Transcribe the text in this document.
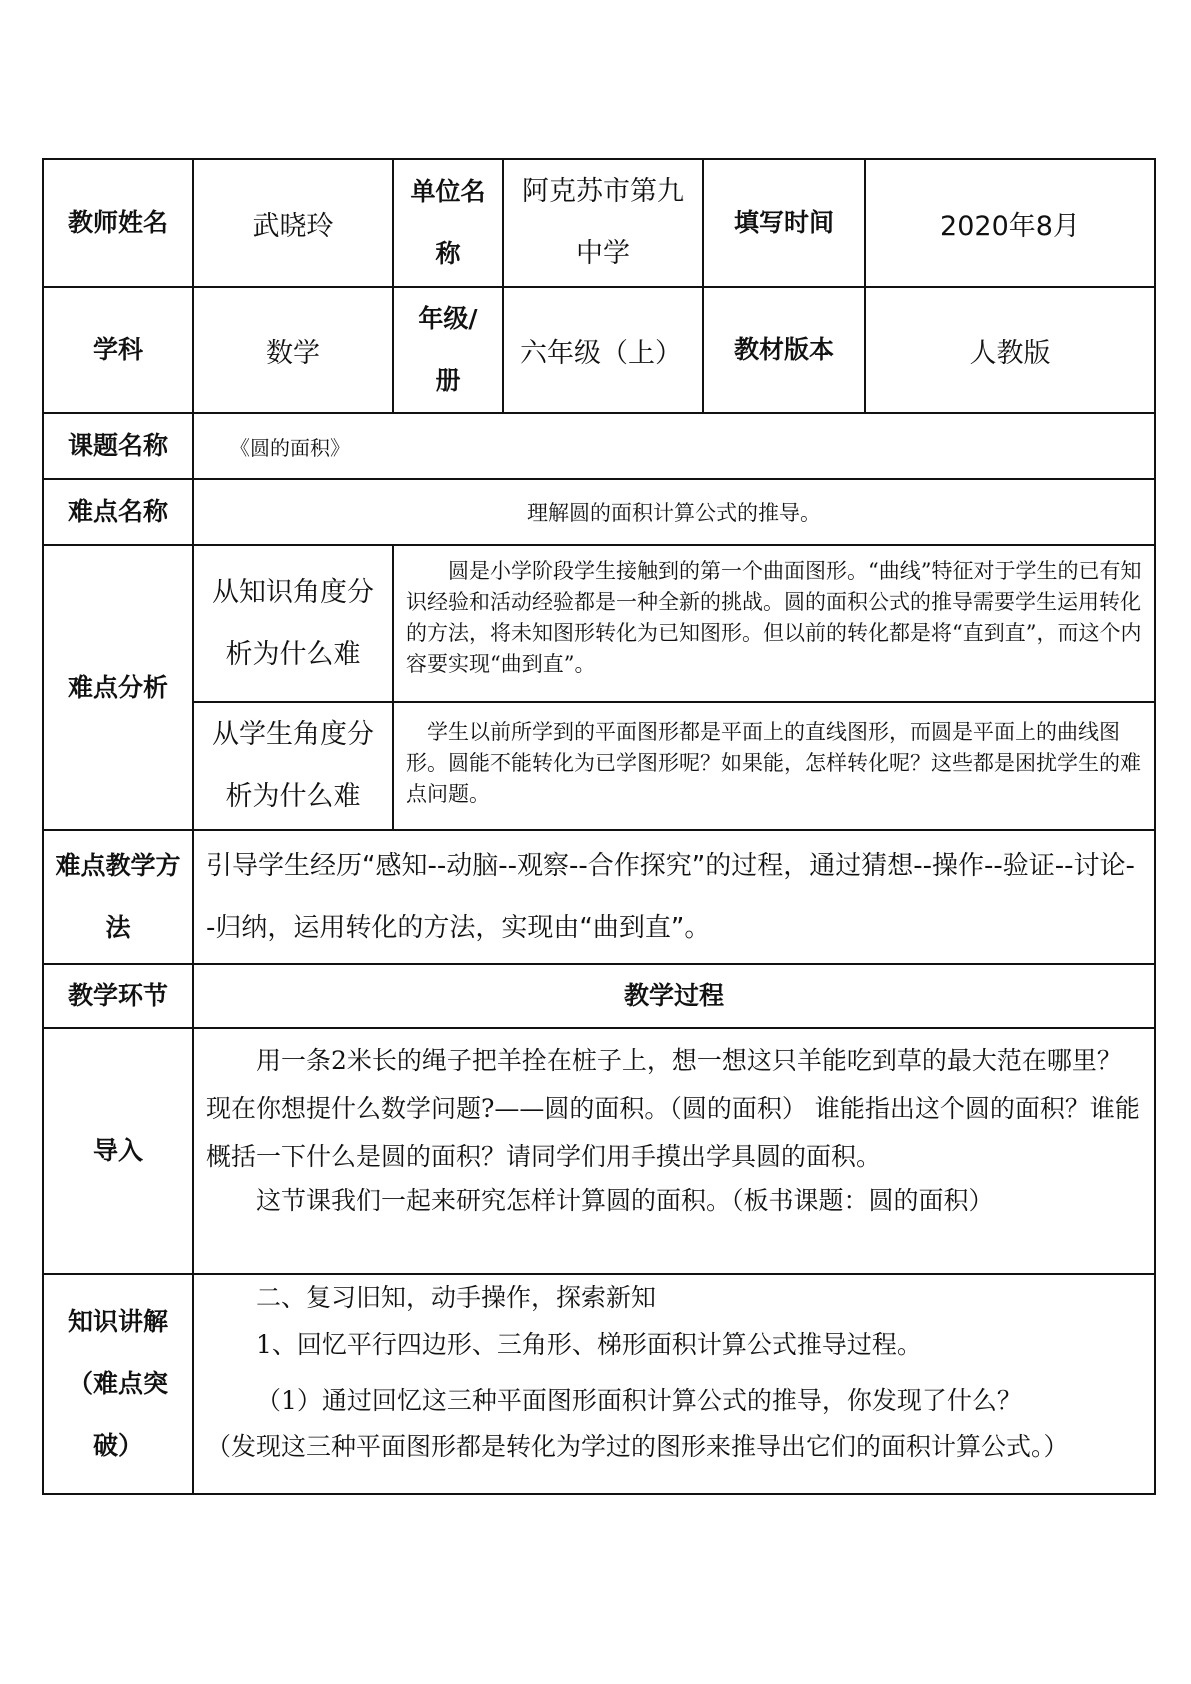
教师姓名	武晓玲	单位名称	阿克苏市第九中学	填写时间	2020年8月
学科	数学	年级/册	六年级（上）	教材版本	人教版
课题名称	《圆的面积》				
难点名称	理解圆的面积计算公式的推导。				
难点分析	从知识角度分析为什么难	圆是小学阶段学生接触到的第一个曲面图形。“曲线”特征对于学生的已有知识经验和活动经验都是一种全新的挑战。圆的面积公式的推导需要学生运用转化的方法，将未知图形转化为已知图形。但以前的转化都是将“直到直”，而这个内容要实现“曲到直”。			
	从学生角度分析为什么难	学生以前所学到的平面图形都是平面上的直线图形，而圆是平面上的曲线图形。圆能不能转化为已学图形呢？如果能，怎样转化呢？这些都是困扰学生的难点问题。			
难点教学方法	引导学生经历“感知--动脑--观察--合作探究”的过程，通过猜想--操作--验证--讨论--归纳，运用转化的方法，实现由“曲到直”。				
教学环节	教学过程				
导入	用一条2米长的绳子把羊拴在桩子上，想一想这只羊能吃到草的最大范在哪里？现在你想提什么数学问题?——圆的面积。（圆的面积） 谁能指出这个圆的面积？谁能概括一下什么是圆的面积？请同学们用手摸出学具圆的面积。

这节课我们一起来研究怎样计算圆的面积。（板书课题：圆的面积）				

知识讲解（难点突破）	二、复习旧知，动手操作，探索新知

1、回忆平行四边形、三角形、梯形面积计算公式推导过程。

（1）通过回忆这三种平面图形面积计算公式的推导，你发现了什么？

（发现这三种平面图形都是转化为学过的图形来推导出它们的面积计算公式。）				
